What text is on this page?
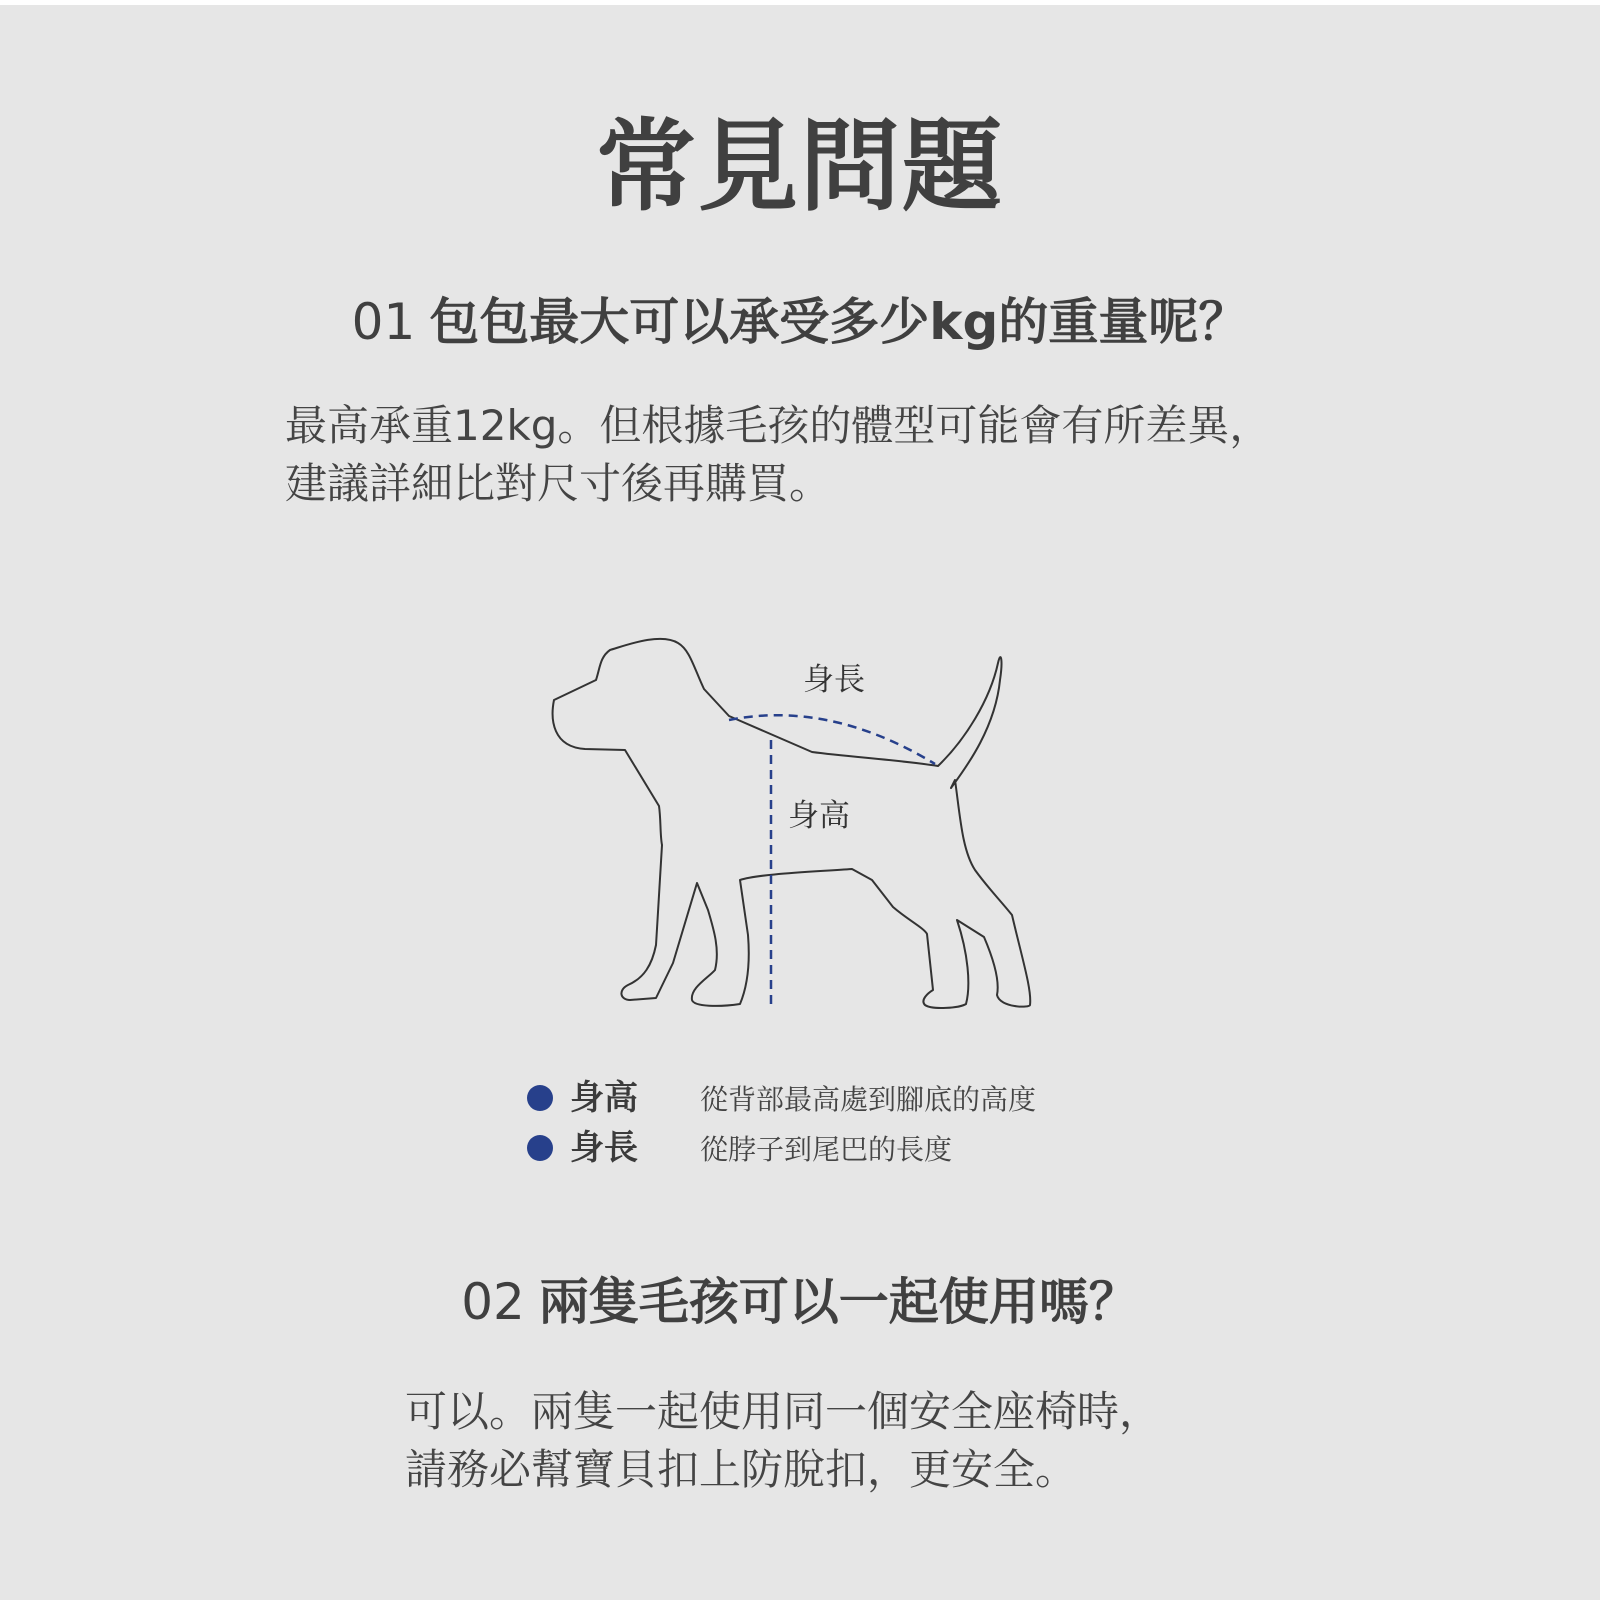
常見問題
01 包包最大可以承受多少kg的重量呢？
最高承重12kg。但根據毛孩的體型可能會有所差異，
建議詳細比對尺寸後再購買。
身長
身高
身高 從背部最高處到腳底的高度
身長 從脖子到尾巴的長度
02 兩隻毛孩可以一起使用嗎？
可以。兩隻一起使用同一個安全座椅時，
請務必幫寶貝扣上防脫扣，更安全。
